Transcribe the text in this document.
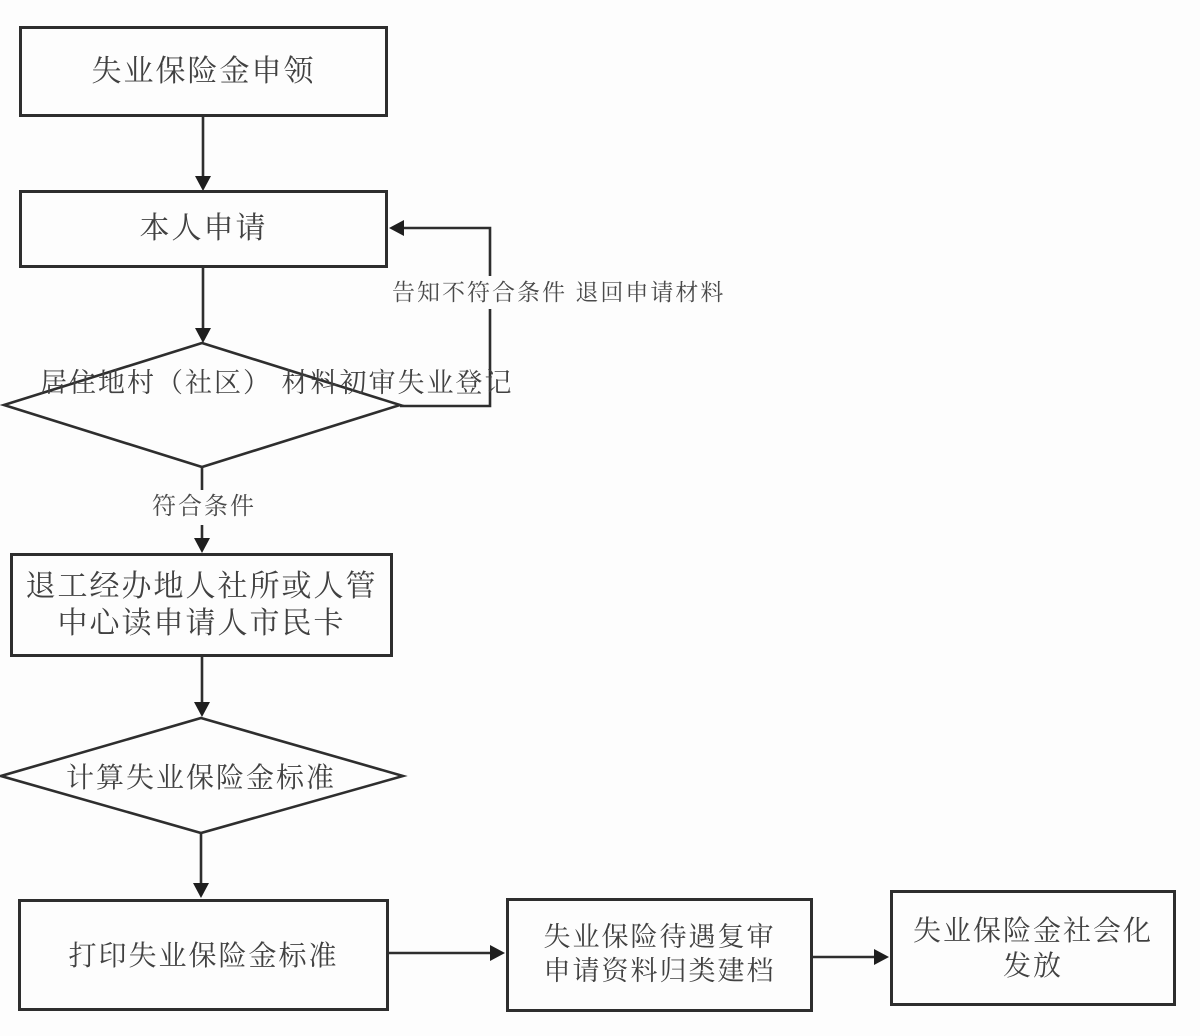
失业保险金申领
本人申请
退工经办地人社所或人管
中心读申请人市民卡
打印失业保险金标准
失业保险待遇复审
申请资料归类建档
失业保险金社会化
发放
居住地村（社区） 材料初审失业登记
计算失业保险金标准
告知不符合条件 退回申请材料
符合条件
